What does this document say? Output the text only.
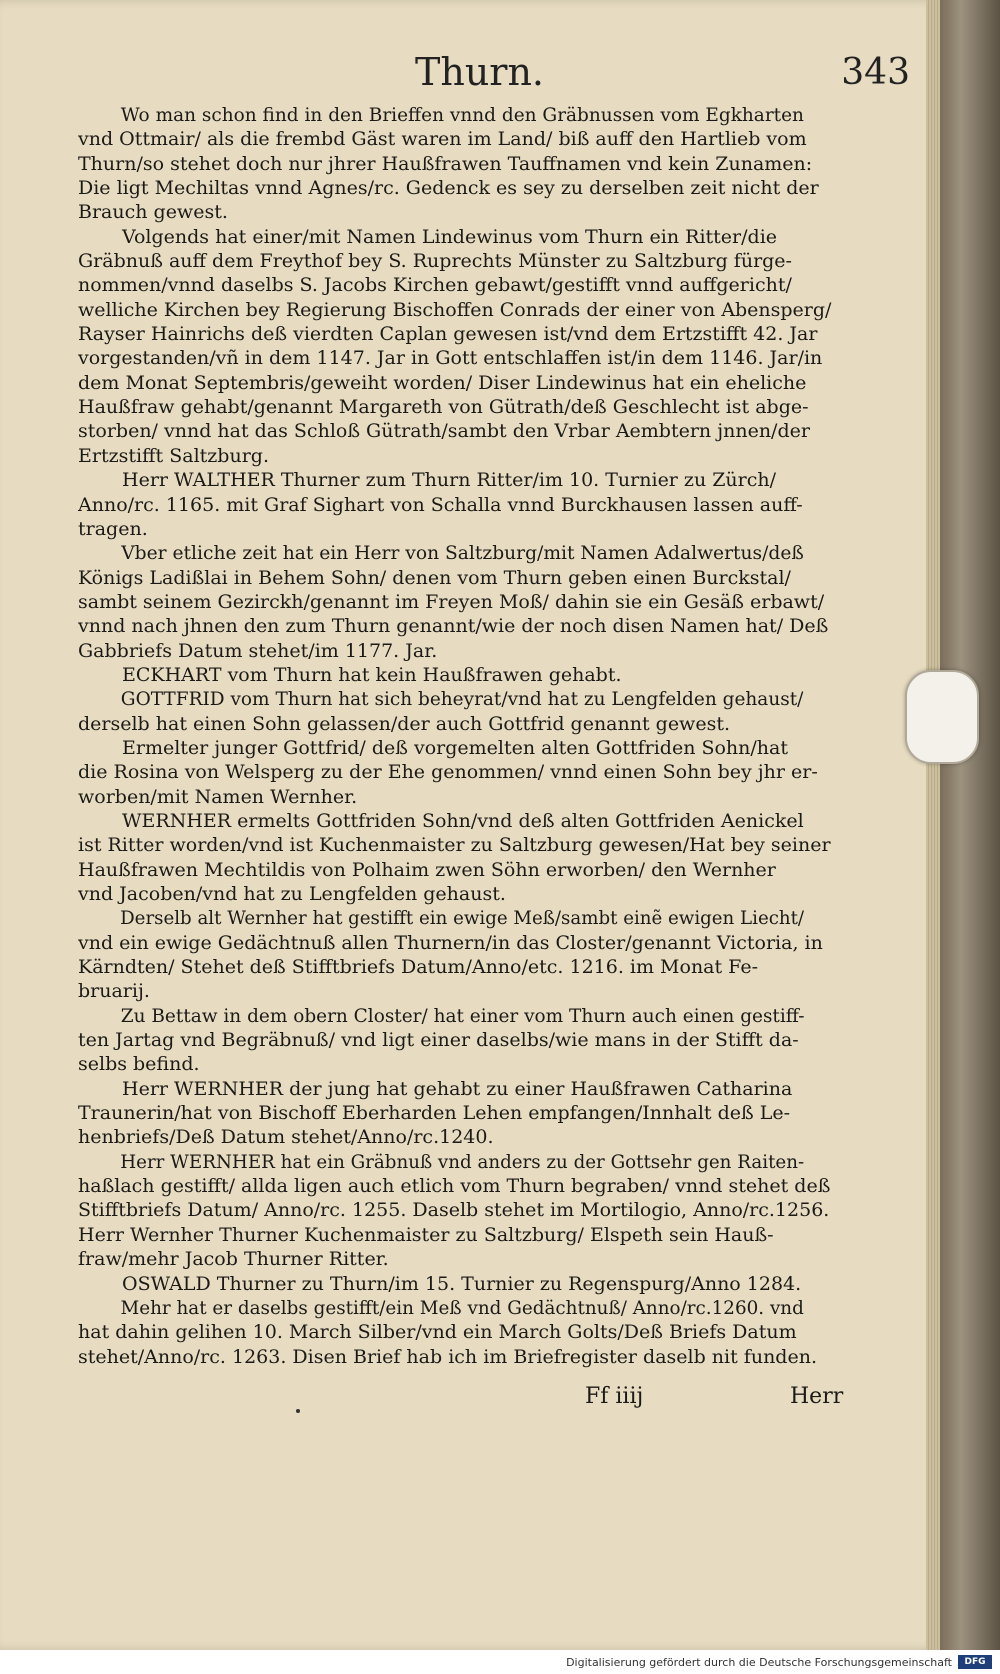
Thurn.	343
Wo man schon find in den Brieffen vnnd den Gräbnussen vom Egkharten
vnd Ottmair/ als die frembd Gäst waren im Land/ biß auff den Hartlieb vom
Thurn/so stehet doch nur jhrer Haußfrawen Tauffnamen vnd kein Zunamen:
Die ligt Mechiltas vnnd Agnes/rc. Gedenck es sey zu derselben zeit nicht der
Brauch gewest.
Volgends hat einer/mit Namen Lindewinus vom Thurn ein Ritter/die
Gräbnuß auff dem Freythof bey S. Ruprechts Münster zu Saltzburg fürge-
nommen/vnnd daselbs S. Jacobs Kirchen gebawt/gestifft vnnd auffgericht/
welliche Kirchen bey Regierung Bischoffen Conrads der einer von Abensperg/
Rayser Hainrichs deß vierdten Caplan gewesen ist/vnd dem Ertzstifft 42. Jar
vorgestanden/vñ in dem 1147. Jar in Gott entschlaffen ist/in dem 1146. Jar/in
dem Monat Septembris/geweiht worden/ Diser Lindewinus hat ein eheliche
Haußfraw gehabt/genannt Margareth von Gütrath/deß Geschlecht ist abge-
storben/ vnnd hat das Schloß Gütrath/sambt den Vrbar Aembtern jnnen/der
Ertzstifft Saltzburg.
Herr WALTHER Thurner zum Thurn Ritter/im 10. Turnier zu Zürch/
Anno/rc. 1165. mit Graf Sighart von Schalla vnnd Burckhausen lassen auff-
tragen.
Vber etliche zeit hat ein Herr von Saltzburg/mit Namen Adalwertus/deß
Königs Ladißlai in Behem Sohn/ denen vom Thurn geben einen Burckstal/
sambt seinem Gezirckh/genannt im Freyen Moß/ dahin sie ein Gesäß erbawt/
vnnd nach jhnen den zum Thurn genannt/wie der noch disen Namen hat/ Deß
Gabbriefs Datum stehet/im 1177. Jar.
ECKHART vom Thurn hat kein Haußfrawen gehabt.
GOTTFRID vom Thurn hat sich beheyrat/vnd hat zu Lengfelden gehaust/
derselb hat einen Sohn gelassen/der auch Gottfrid genannt gewest.
Ermelter junger Gottfrid/ deß vorgemelten alten Gottfriden Sohn/hat
die Rosina von Welsperg zu der Ehe genommen/ vnnd einen Sohn bey jhr er-
worben/mit Namen Wernher.
WERNHER ermelts Gottfriden Sohn/vnd deß alten Gottfriden Aenickel
ist Ritter worden/vnd ist Kuchenmaister zu Saltzburg gewesen/Hat bey seiner
Haußfrawen Mechtildis von Polhaim zwen Söhn erworben/ den Wernher
vnd Jacoben/vnd hat zu Lengfelden gehaust.
Derselb alt Wernher hat gestifft ein ewige Meß/sambt einẽ ewigen Liecht/
vnd ein ewige Gedächtnuß allen Thurnern/in das Closter/genannt Victoria, in
Kärndten/ Stehet deß Stifftbriefs Datum/Anno/etc. 1216. im Monat Fe-
bruarij.
Zu Bettaw in dem obern Closter/ hat einer vom Thurn auch einen gestiff-
ten Jartag vnd Begräbnuß/ vnd ligt einer daselbs/wie mans in der Stifft da-
selbs befind.
Herr WERNHER der jung hat gehabt zu einer Haußfrawen Catharina
Traunerin/hat von Bischoff Eberharden Lehen empfangen/Innhalt deß Le-
henbriefs/Deß Datum stehet/Anno/rc.1240.
Herr WERNHER hat ein Gräbnuß vnd anders zu der Gottsehr gen Raiten-
haßlach gestifft/ allda ligen auch etlich vom Thurn begraben/ vnnd stehet deß
Stifftbriefs Datum/ Anno/rc. 1255. Daselb stehet im Mortilogio, Anno/rc.1256.
Herr Wernher Thurner Kuchenmaister zu Saltzburg/ Elspeth sein Hauß-
fraw/mehr Jacob Thurner Ritter.
OSWALD Thurner zu Thurn/im 15. Turnier zu Regenspurg/Anno 1284.
Mehr hat er daselbs gestifft/ein Meß vnd Gedächtnuß/ Anno/rc.1260. vnd
hat dahin gelihen 10. March Silber/vnd ein March Golts/Deß Briefs Datum
stehet/Anno/rc. 1263. Disen Brief hab ich im Briefregister daselb nit funden.
Ff iiij	Herr
Digitalisierung gefördert durch die Deutsche Forschungsgemeinschaft	DFG
